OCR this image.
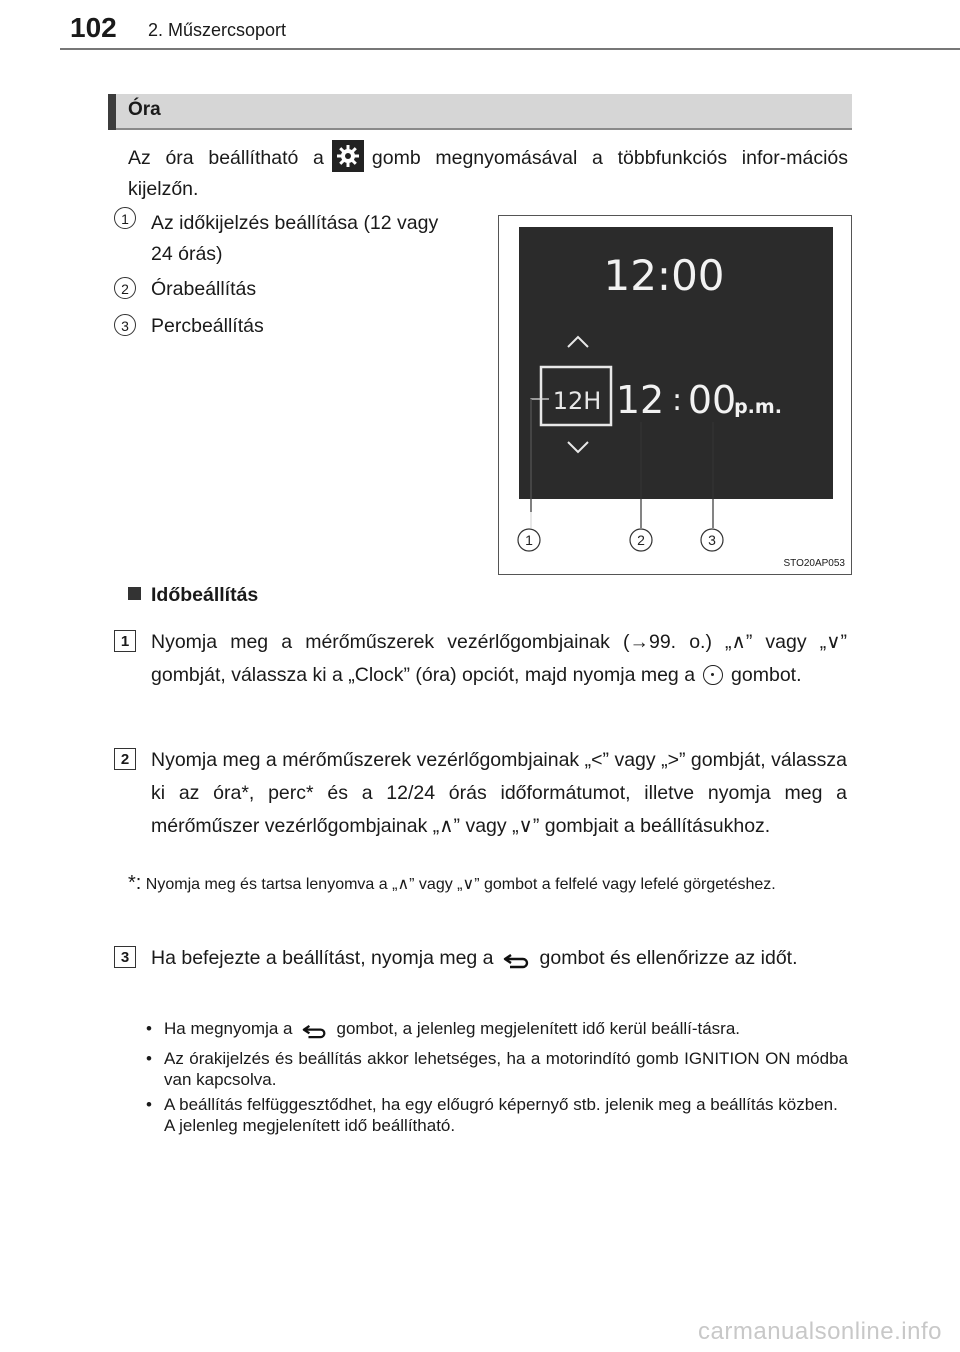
102 2. Műszercsoport
Óra
Az óra beállítható a gomb megnyomásával a többfunkciós infor-mációs kijelzőn.
1	Az időkijelzés beállítása (12 vagy 24 órás)
2	Órabeállítás
3	Percbeállítás
12:00
12H 12 : 00
p.m.
1	2	3
STO20AP053
Időbeállítás
1	Nyomja meg a mérőműszerek vezérlőgombjainak (→99. o.) „∧” vagy „∨” gombját, válassza ki a „Clock” (óra) opciót, majd nyomja meg a gombot.
2	Nyomja meg a mérőműszerek vezérlőgombjainak „<” vagy „>” gombját, válassza ki az óra*, perc* és a 12/24 órás időformátumot, illetve nyomja meg a mérőműszer vezérlőgombjainak „∧” vagy „∨” gombjait a beállításukhoz.
*: Nyomja meg és tartsa lenyomva a „∧” vagy „∨” gombot a felfelé vagy lefelé görgetéshez.
3	Ha befejezte a beállítást, nyomja meg a gombot és ellenőrizze az időt.
• Ha megnyomja a	gombot, a jelenleg megjelenített idő kerül beállí-tásra.
• Az órakijelzés és beállítás akkor lehetséges, ha a motorindító gomb IGNITION ON módba van kapcsolva.
• A beállítás felfüggesztődhet, ha egy előugró képernyő stb. jelenik meg a beállítás közben.
A jelenleg megjelenített idő beállítható.
carmanualsonline.info
